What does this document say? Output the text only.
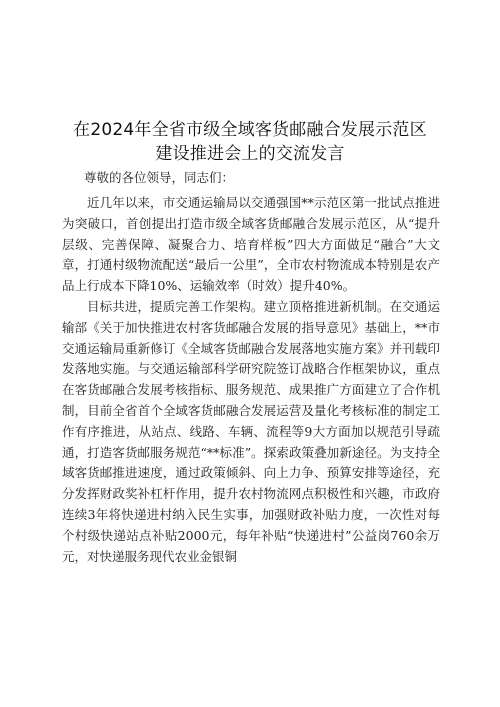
在2024年全省市级全域客货邮融合发展示范区
建设推进会上的交流发言
尊敬的各位领导，同志们：

近几年以来，市交通运输局以交通强国**示范区第一批试点推进为突破口，首创提出打造市级全域客货邮融合发展示范区，从“提升层级、完善保障、凝聚合力、培育样板”四大方面做足“融合”大文章，打通村级物流配送“最后一公里”，全市农村物流成本特别是农产品上行成本下降10%、运输效率（时效）提升40%。

目标共进，提质完善工作架构。建立顶格推进新机制。在交通运输部《关于加快推进农村客货邮融合发展的指导意见》基础上，**市交通运输局重新修订《全域客货邮融合发展落地实施方案》并刊载印发落地实施。与交通运输部科学研究院签订战略合作框架协议，重点在客货邮融合发展考核指标、服务规范、成果推广方面建立了合作机制，目前全省首个全域客货邮融合发展运营及量化考核标准的制定工作有序推进，从站点、线路、车辆、流程等9大方面加以规范引导疏通，打造客货邮服务规范“**标准”。探索政策叠加新途径。为支持全域客货邮推进速度，通过政策倾斜、向上力争、预算安排等途径，充分发挥财政奖补杠杆作用，提升农村物流网点积极性和兴趣，市政府连续3年将快递进村纳入民生实事，加强财政补贴力度，一次性对每个村级快递站点补贴2000元，每年补贴“快递进村”公益岗760余万元，对快递服务现代农业金银铜
